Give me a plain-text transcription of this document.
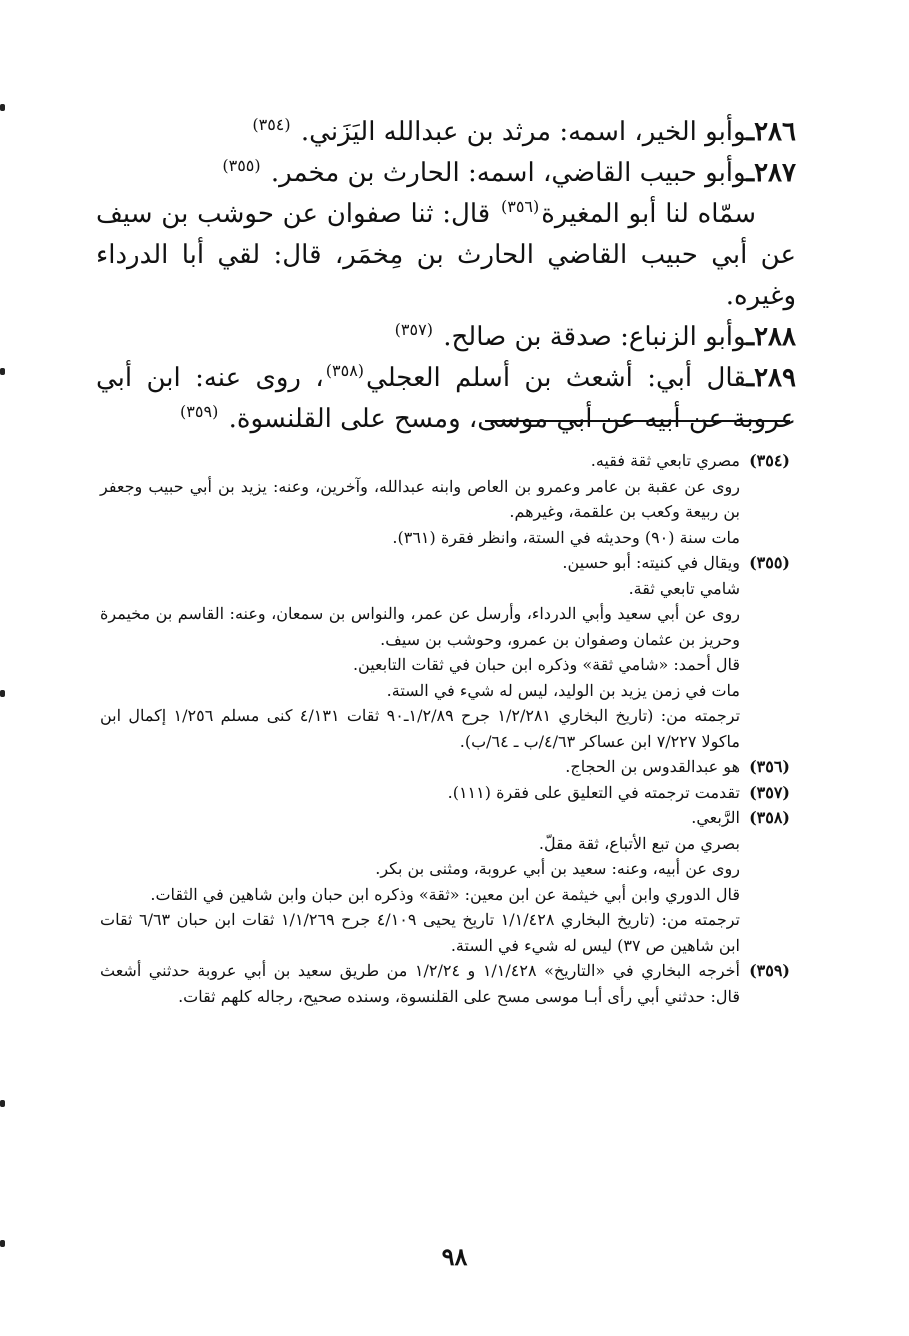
٢٨٦ـوأبو الخير، اسمه: مرثد بن عبدالله اليَزَني. $^{(٣٥٤)}$

٢٨٧ـوأبو حبيب القاضي، اسمه: الحارث بن مخمر. $^{(٣٥٥)}$

سمّاه لنا أبو المغيرة$^{(٣٥٦)}$ قال: ثنا صفوان عن حوشب بن سيف عن أبي حبيب القاضي الحارث بن مِخمَر، قال: لقي أبا الدرداء وغيره.

٢٨٨ـوأبو الزنباع: صدقة بن صالح. $^{(٣٥٧)}$

٢٨٩ـقال أبي: أشعث بن أسلم العجلي$^{(٣٥٨)}$، روى عنه: ابن أبي عروبة عن أبيه عن أبي موسى، ومسح على القلنسوة. $^{(٣٥٩)}$

(٣٥٤)

مصري تابعي ثقة فقيه.

روى عن عقبة بن عامر وعمرو بن العاص وابنه عبدالله، وآخرين، وعنه: يزيد بن أبي حبيب وجعفر بن ربيعة وكعب بن علقمة، وغيرهم.

مات سنة (٩٠) وحديثه في الستة، وانظر فقرة (٣٦١).

(٣٥٥)

ويقال في كنيته: أبو حسين.

شامي تابعي ثقة.

روى عن أبي سعيد وأبي الدرداء، وأرسل عن عمر، والنواس بن سمعان، وعنه: القاسم بن مخيمرة وحريز بن عثمان وصفوان بن عمرو، وحوشب بن سيف.

قال أحمد: «شامي ثقة» وذكره ابن حبان في ثقات التابعين.

مات في زمن يزيد بن الوليد، ليس له شيء في الستة.

ترجمته من: (تاريخ البخاري ١/٢/٢٨١ جرح ١/٢/٨٩ـ٩٠ ثقات ٤/١٣١ كنى مسلم ١/٢٥٦ إكمال ابن ماكولا ٧/٢٢٧ ابن عساكر ٤/٦٣/ب ـ ٦٤/ب).

(٣٥٦)

هو عبدالقدوس بن الحجاج.

(٣٥٧)

تقدمت ترجمته في التعليق على فقرة (١١١).

(٣٥٨)

الرَّبعي.

بصري من تبع الأتباع، ثقة مقلّ.

روى عن أبيه، وعنه: سعيد بن أبي عروبة، ومثنى بن بكر.

قال الدوري وابن أبي خيثمة عن ابن معين: «ثقة» وذكره ابن حبان وابن شاهين في الثقات.

ترجمته من: (تاريخ البخاري ١/١/٤٢٨ تاريخ يحيى ٤/١٠٩ جرح ١/١/٢٦٩ ثقات ابن حبان ٦/٦٣ ثقات ابن شاهين ص ٣٧) ليس له شيء في الستة.

(٣٥٩)

أخرجه البخاري في «التاريخ» ١/١/٤٢٨ و ١/٢/٢٤ من طريق سعيد بن أبي عروبة حدثني أشعث قال: حدثني أبي رأى أبـا موسى مسح على القلنسوة، وسنده صحيح، رجاله كلهم ثقات.

٩٨
